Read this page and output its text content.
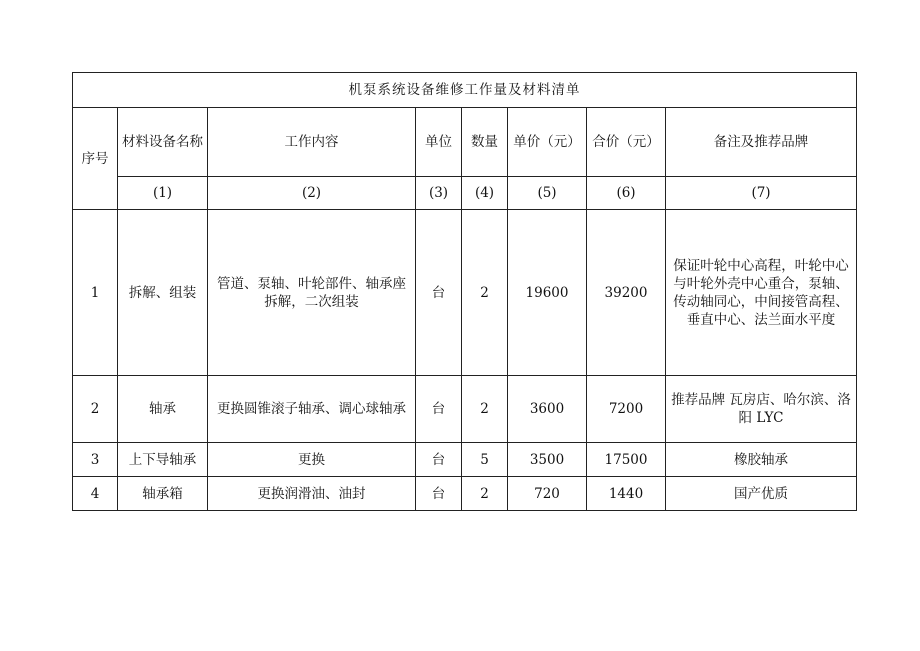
机泵系统设备维修工作量及材料清单							
序号	材料设备名称	工作内容	单位	数量	单价（元）	合价（元）	备注及推荐品牌
	(1)	(2)	(3)	(4)	(5)	(6)	(7)
1	拆解、组装	管道、泵轴、叶轮部件、轴承座拆解，二次组装	台	2	19600	39200	保证叶轮中心高程，叶轮中心与叶轮外壳中心重合，泵轴、传动轴同心，中间接管高程、垂直中心、法兰面水平度
2	轴承	更换圆锥滚子轴承、调心球轴承	台	2	3600	7200	推荐品牌 瓦房店、哈尔滨、洛阳 LYC
3	上下导轴承	更换	台	5	3500	17500	橡胶轴承
4	轴承箱	更换润滑油、油封	台	2	720	1440	国产优质
